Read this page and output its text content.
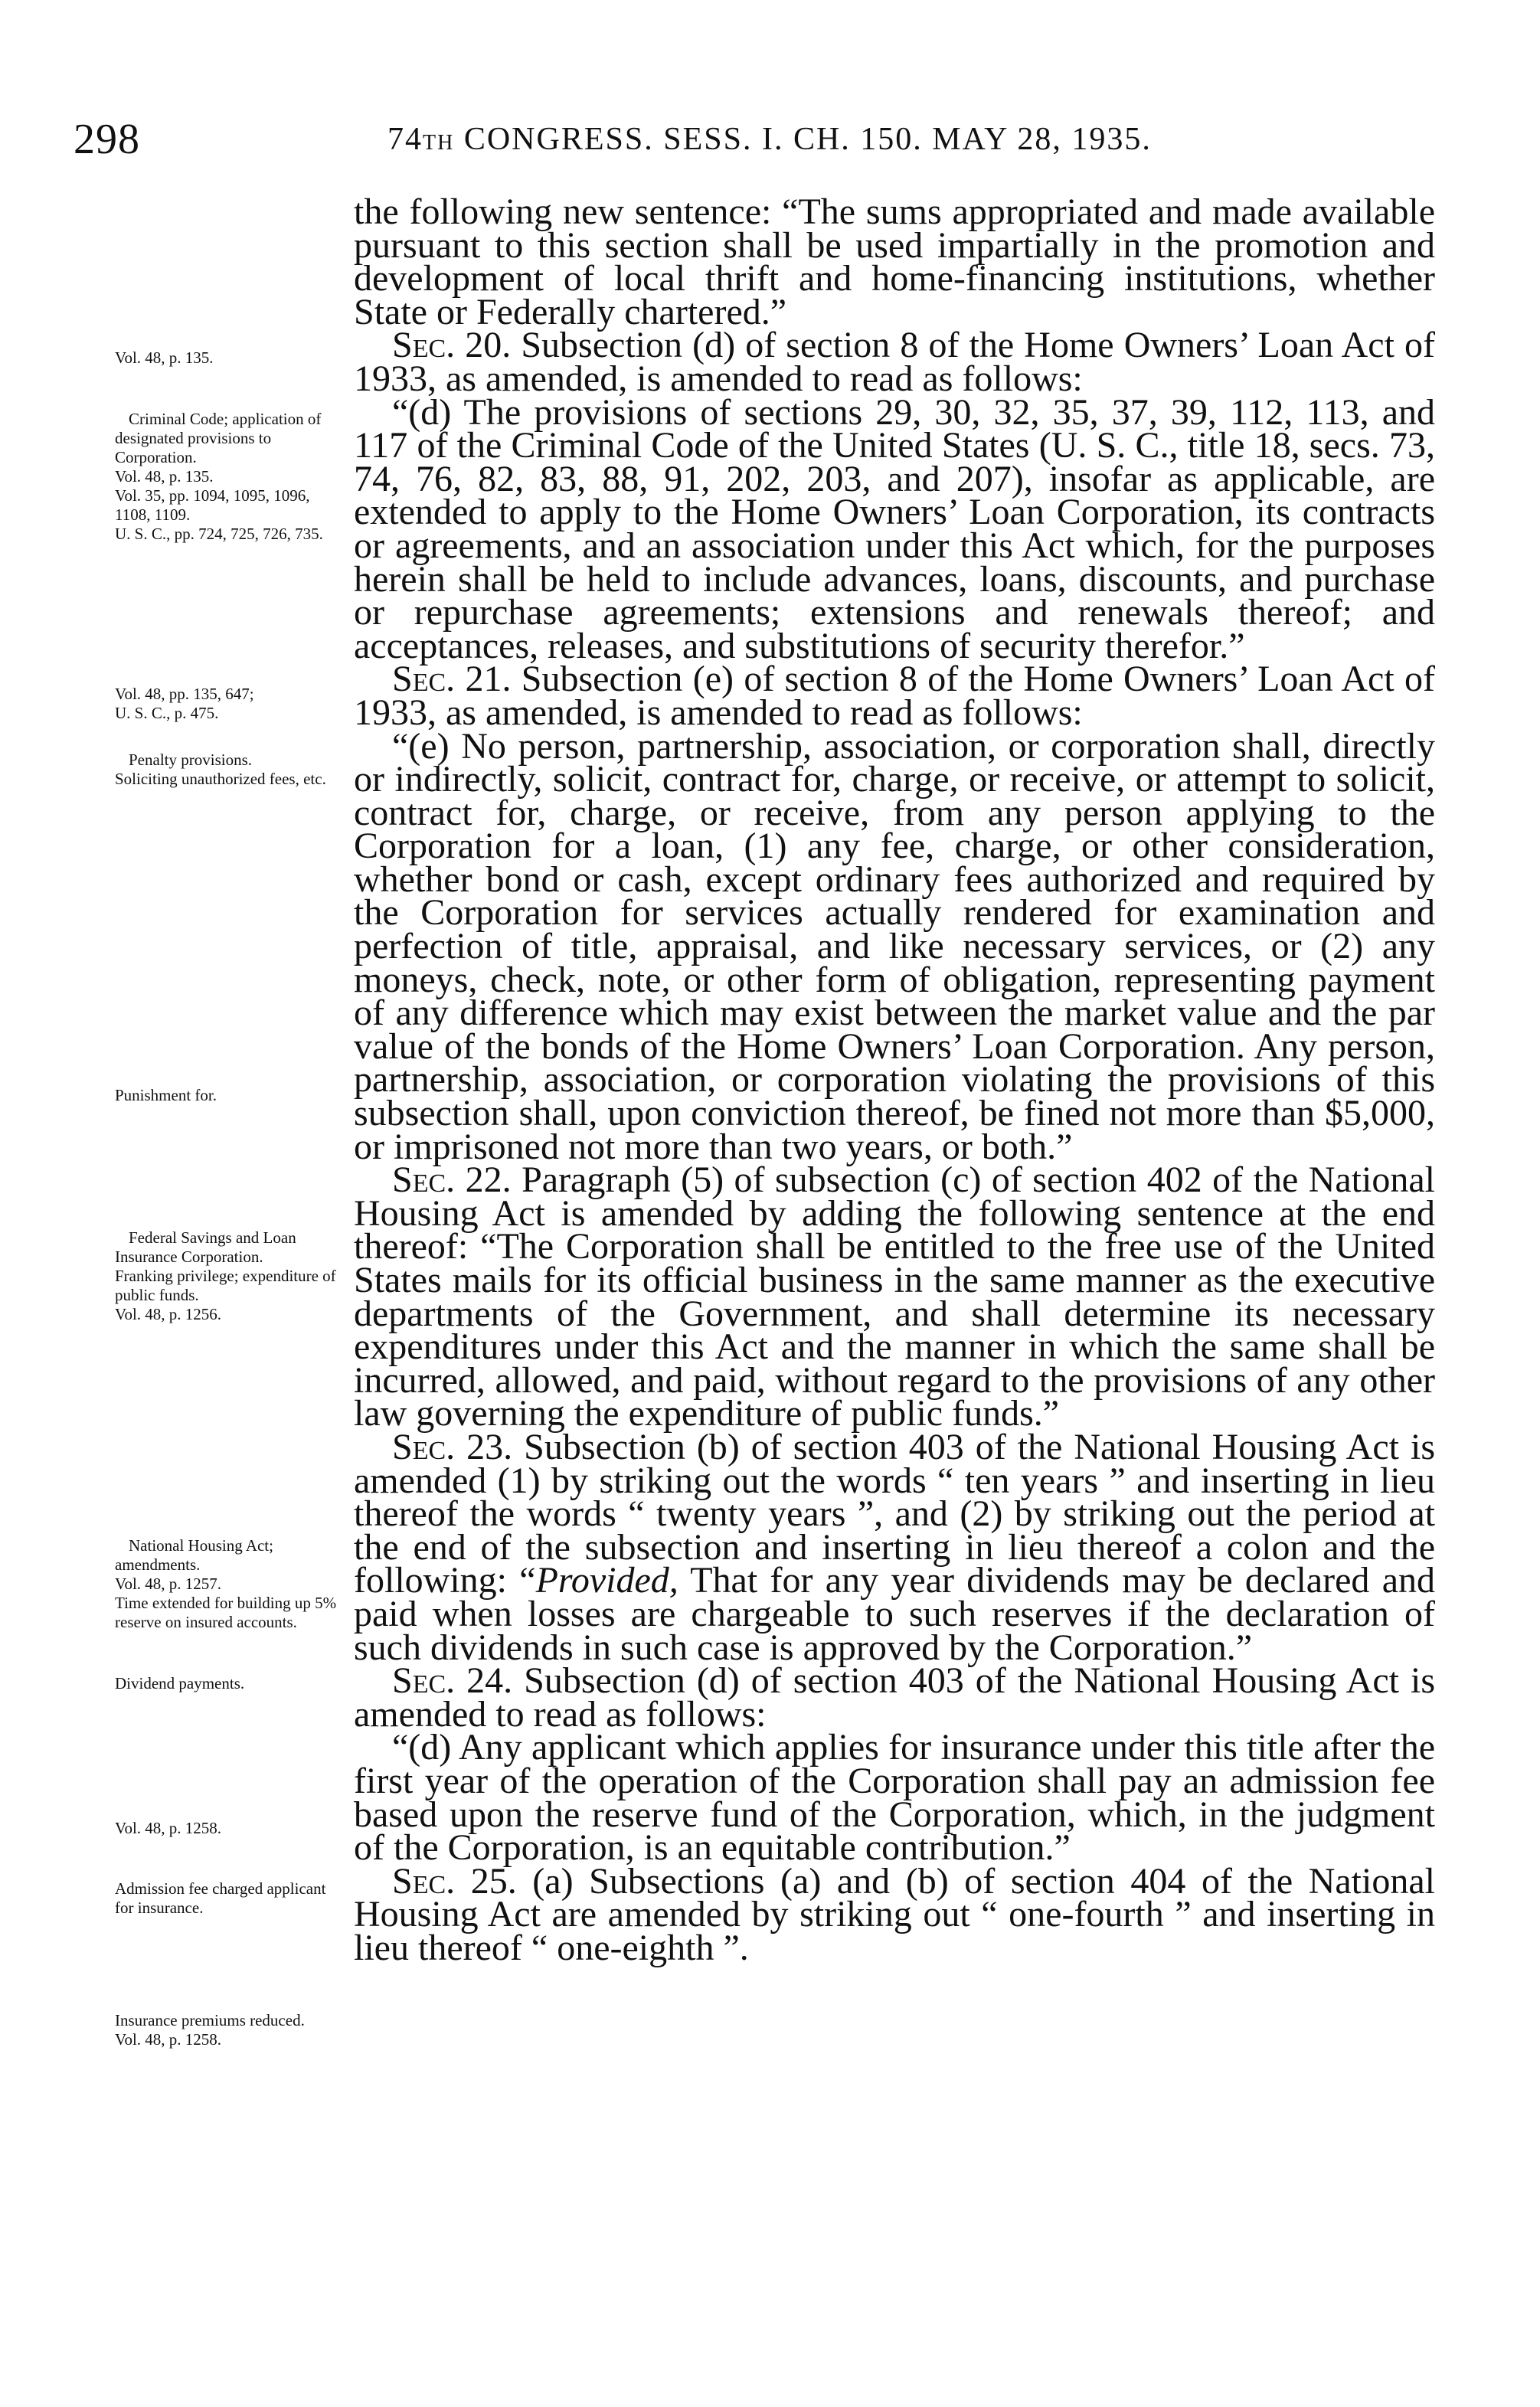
298	74TH CONGRESS. SESS. I. CH. 150. MAY 28, 1935.
Vol. 48, p. 135.
Criminal Code; application of designated provisions to Corporation.
Vol. 48, p. 135.
Vol. 35, pp. 1094, 1095, 1096, 1108, 1109.
U. S. C., pp. 724, 725, 726, 735.
Vol. 48, pp. 135, 647;
U. S. C., p. 475.
Penalty provisions.
Soliciting unauthorized fees, etc.
Punishment for.
Federal Savings and Loan Insurance Corporation.
Franking privilege; expenditure of public funds.
Vol. 48, p. 1256.
National Housing Act; amendments.
Vol. 48, p. 1257.
Time extended for building up 5% reserve on insured accounts.
Dividend payments.
Vol. 48, p. 1258.
Admission fee charged applicant for insurance.
Insurance premiums reduced.
Vol. 48, p. 1258.

the following new sentence: “The sums appropriated and made available pursuant to this section shall be used impartially in the promotion and development of local thrift and home-financing institutions, whether State or Federally chartered.”

Sec. 20. Subsection (d) of section 8 of the Home Owners’ Loan Act of 1933, as amended, is amended to read as follows:

“(d) The provisions of sections 29, 30, 32, 35, 37, 39, 112, 113, and 117 of the Criminal Code of the United States (U. S. C., title 18, secs. 73, 74, 76, 82, 83, 88, 91, 202, 203, and 207), insofar as applicable, are extended to apply to the Home Owners’ Loan Corporation, its contracts or agreements, and an association under this Act which, for the purposes herein shall be held to include advances, loans, discounts, and purchase or repurchase agreements; extensions and renewals thereof; and acceptances, releases, and substitutions of security therefor.”

Sec. 21. Subsection (e) of section 8 of the Home Owners’ Loan Act of 1933, as amended, is amended to read as follows:

“(e) No person, partnership, association, or corporation shall, directly or indirectly, solicit, contract for, charge, or receive, or attempt to solicit, contract for, charge, or receive, from any person applying to the Corporation for a loan, (1) any fee, charge, or other consideration, whether bond or cash, except ordinary fees authorized and required by the Corporation for services actually rendered for examination and perfection of title, appraisal, and like necessary services, or (2) any moneys, check, note, or other form of obligation, representing payment of any difference which may exist between the market value and the par value of the bonds of the Home Owners’ Loan Corporation. Any person, partnership, association, or corporation violating the provisions of this subsection shall, upon conviction thereof, be fined not more than $5,000, or imprisoned not more than two years, or both.”

Sec. 22. Paragraph (5) of subsection (c) of section 402 of the National Housing Act is amended by adding the following sentence at the end thereof: “The Corporation shall be entitled to the free use of the United States mails for its official business in the same manner as the executive departments of the Government, and shall determine its necessary expenditures under this Act and the manner in which the same shall be incurred, allowed, and paid, without regard to the provisions of any other law governing the expenditure of public funds.”

Sec. 23. Subsection (b) of section 403 of the National Housing Act is amended (1) by striking out the words “ ten years ” and inserting in lieu thereof the words “ twenty years ”, and (2) by striking out the period at the end of the subsection and inserting in lieu thereof a colon and the following: “Provided, That for any year dividends may be declared and paid when losses are chargeable to such reserves if the declaration of such dividends in such case is approved by the Corporation.”

Sec. 24. Subsection (d) of section 403 of the National Housing Act is amended to read as follows:

“(d) Any applicant which applies for insurance under this title after the first year of the operation of the Corporation shall pay an admission fee based upon the reserve fund of the Corporation, which, in the judgment of the Corporation, is an equitable contribution.”

Sec. 25. (a) Subsections (a) and (b) of section 404 of the National Housing Act are amended by striking out “ one-fourth ” and inserting in lieu thereof “ one-eighth ”.
